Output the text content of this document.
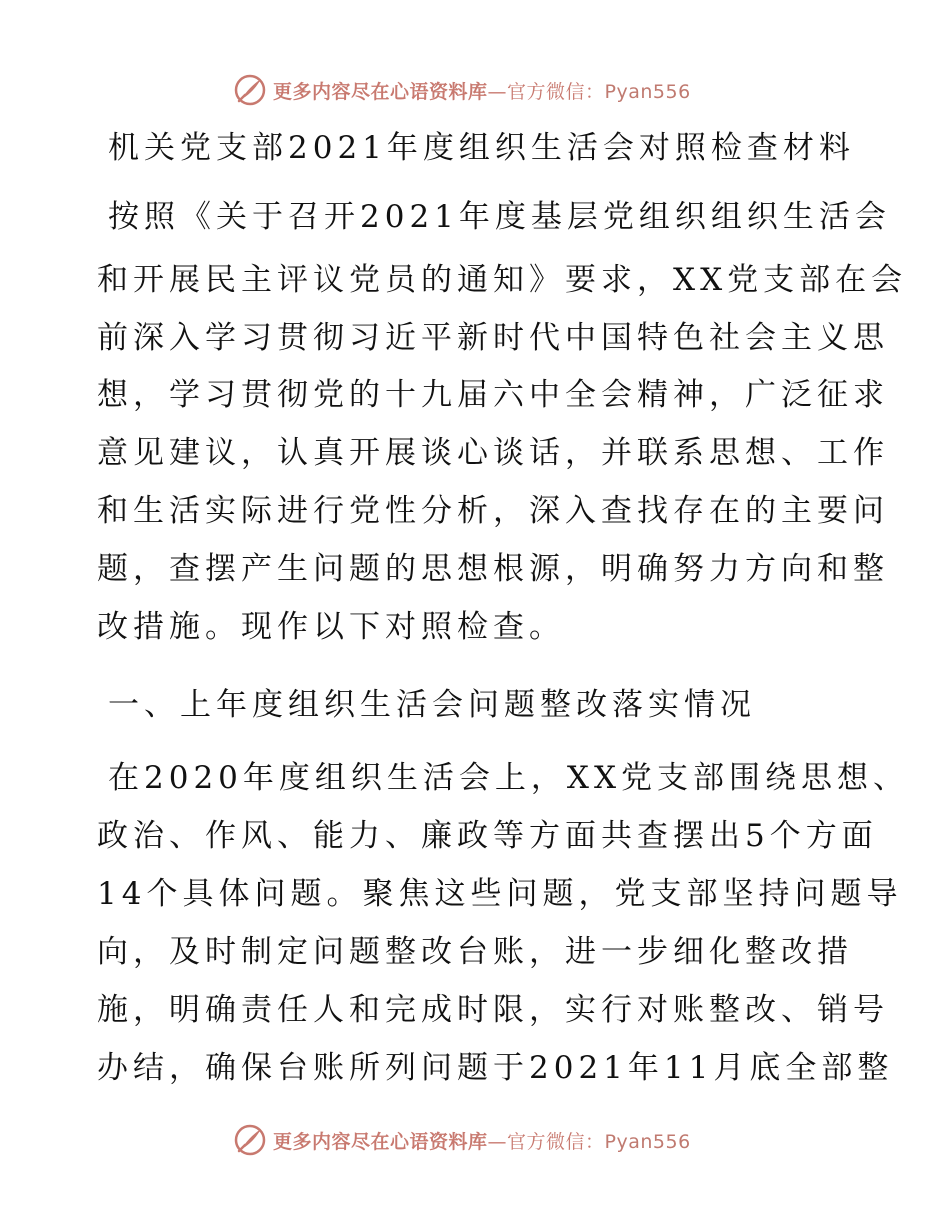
更多内容尽在心语资料库—官方微信：Pyan556
机关党支部2021年度组织生活会对照检查材料
按照《关于召开2021年度基层党组织组织生活会
和开展民主评议党员的通知》要求，XX党支部在会
前深入学习贯彻习近平新时代中国特色社会主义思
想，学习贯彻党的十九届六中全会精神，广泛征求
意见建议，认真开展谈心谈话，并联系思想、工作
和生活实际进行党性分析，深入查找存在的主要问
题，查摆产生问题的思想根源，明确努力方向和整
改措施。现作以下对照检查。
一、上年度组织生活会问题整改落实情况
在2020年度组织生活会上，XX党支部围绕思想、
政治、作风、能力、廉政等方面共查摆出5个方面
14个具体问题。聚焦这些问题，党支部坚持问题导
向，及时制定问题整改台账，进一步细化整改措
施，明确责任人和完成时限，实行对账整改、销号
办结，确保台账所列问题于2021年11月底全部整
更多内容尽在心语资料库—官方微信：Pyan556
